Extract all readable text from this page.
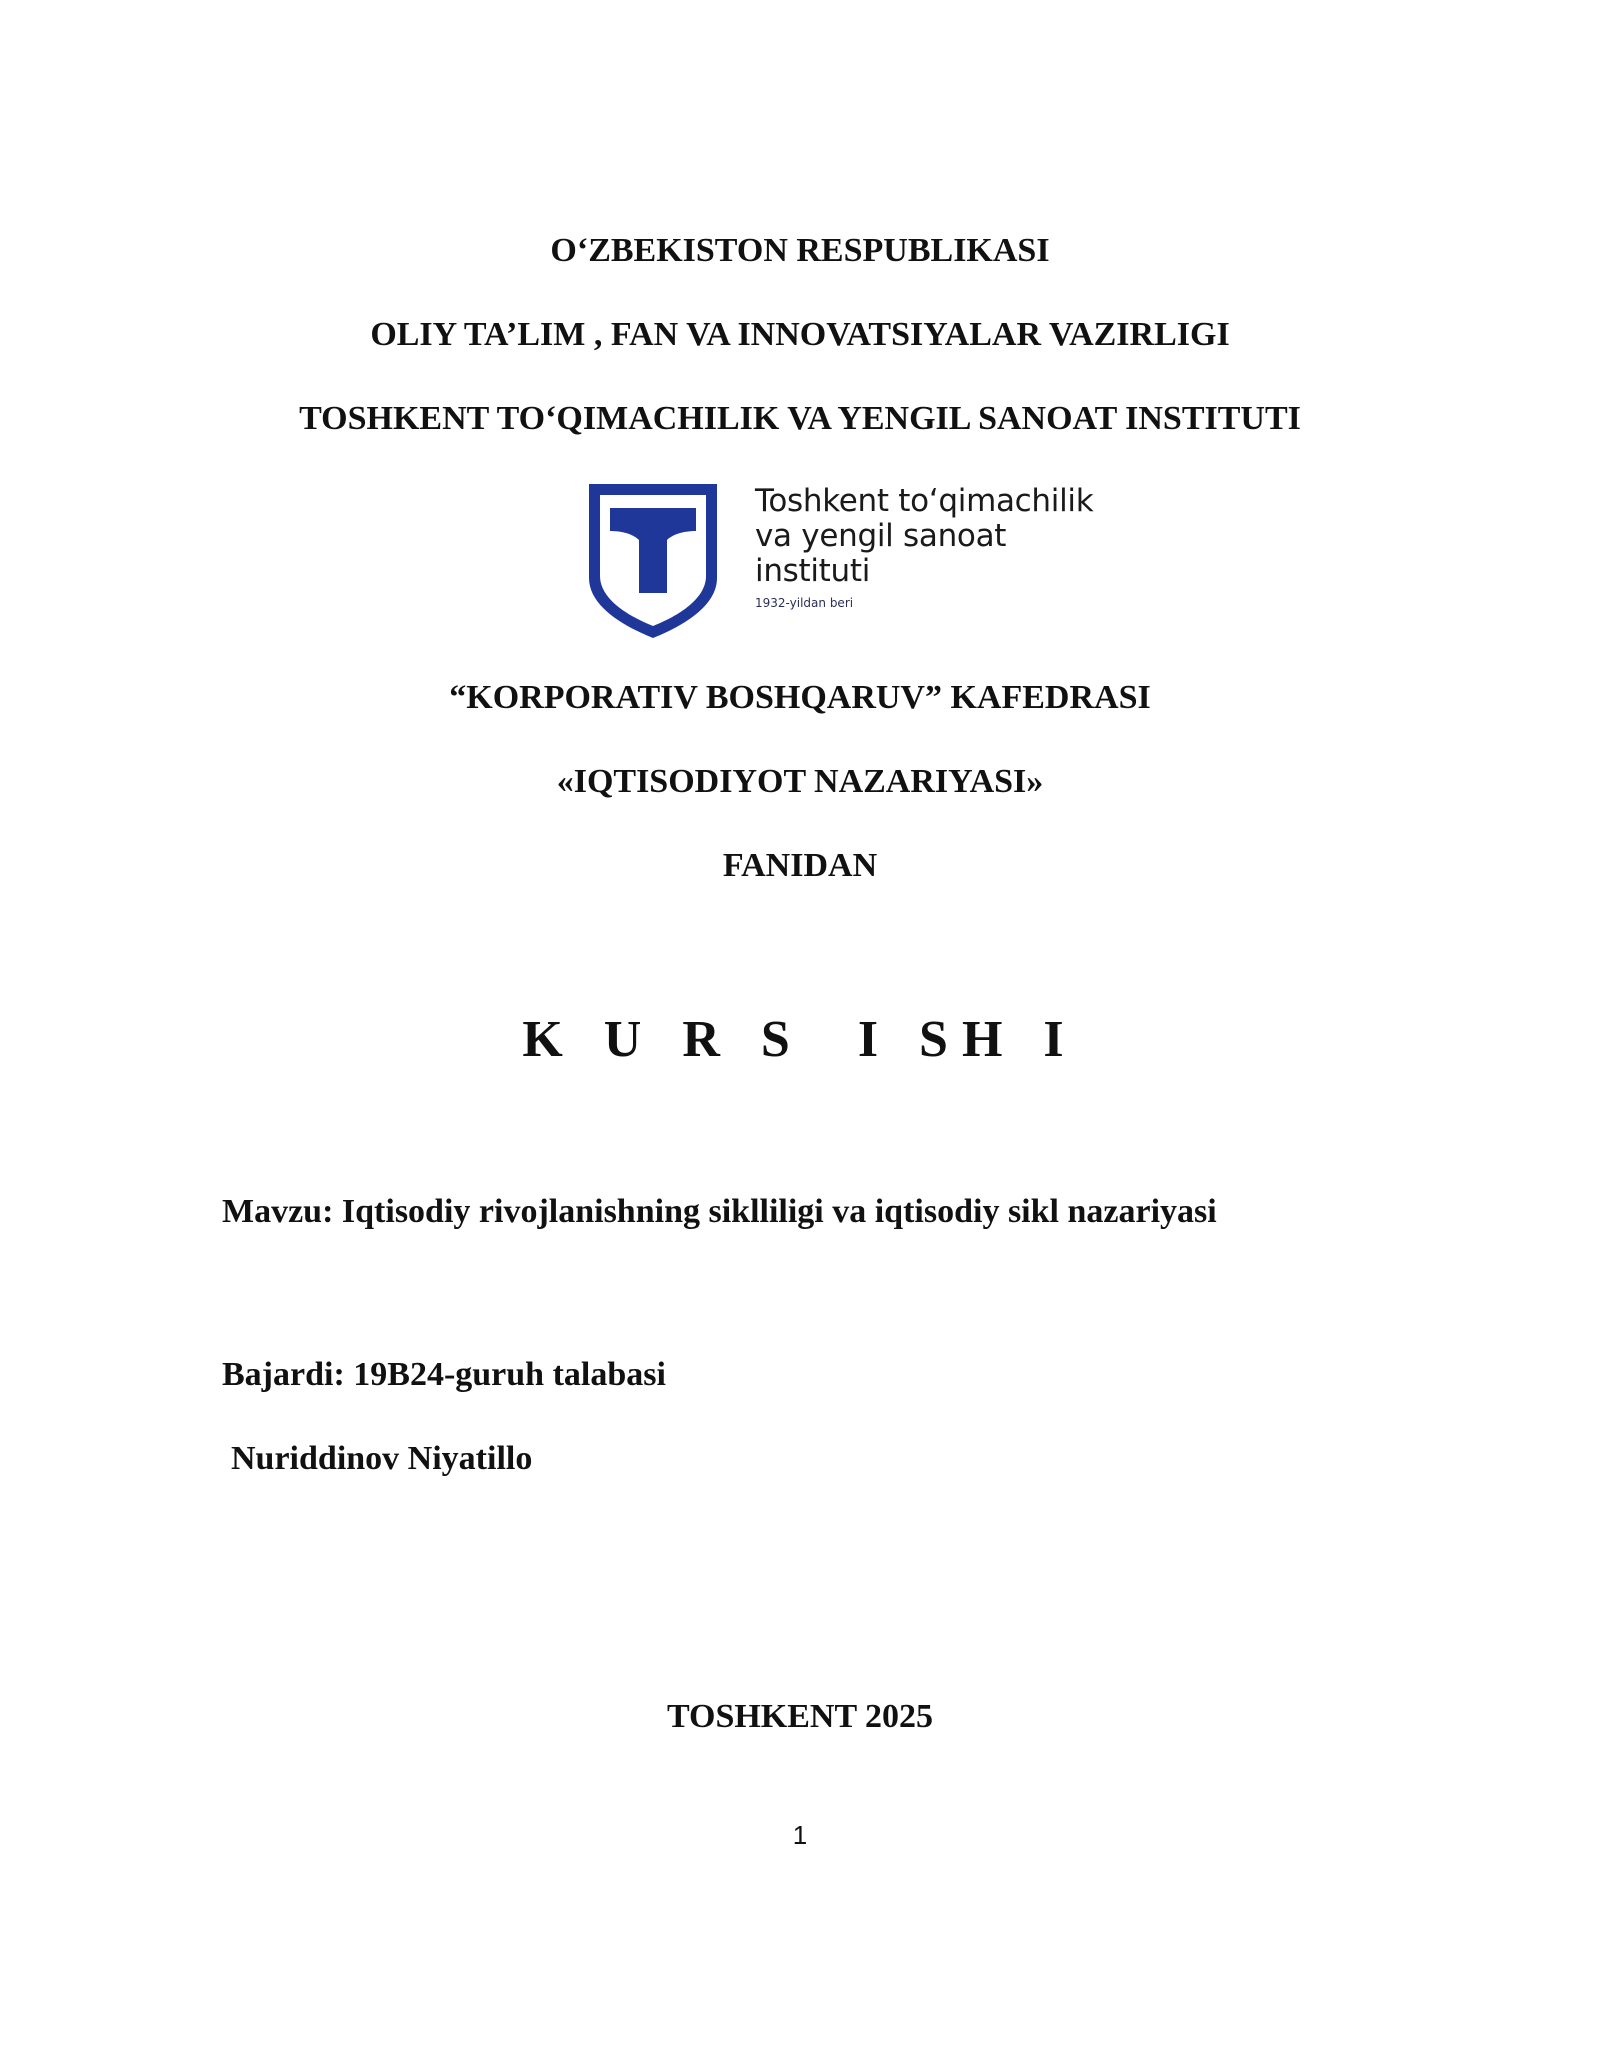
O‘ZBEKISTON RESPUBLIKASI
OLIY TA’LIM , FAN VA INNOVATSIYALAR VAZIRLIGI
TOSHKENT TO‘QIMACHILIK VA YENGIL SANOAT INSTITUTI
Toshkent to‘qimachilik
va yengil sanoat
instituti
1932-yildan beri
“KORPORATIV BOSHQARUV” KAFEDRASI
«IQTISODIYOT NAZARIYASI»
FANIDAN
K U R S  I SH I
Mavzu: Iqtisodiy rivojlanishning siklliligi va iqtisodiy sikl nazariyasi
Bajardi: 19B24-guruh talabasi
Nuriddinov Niyatillo
TOSHKENT 2025
1
